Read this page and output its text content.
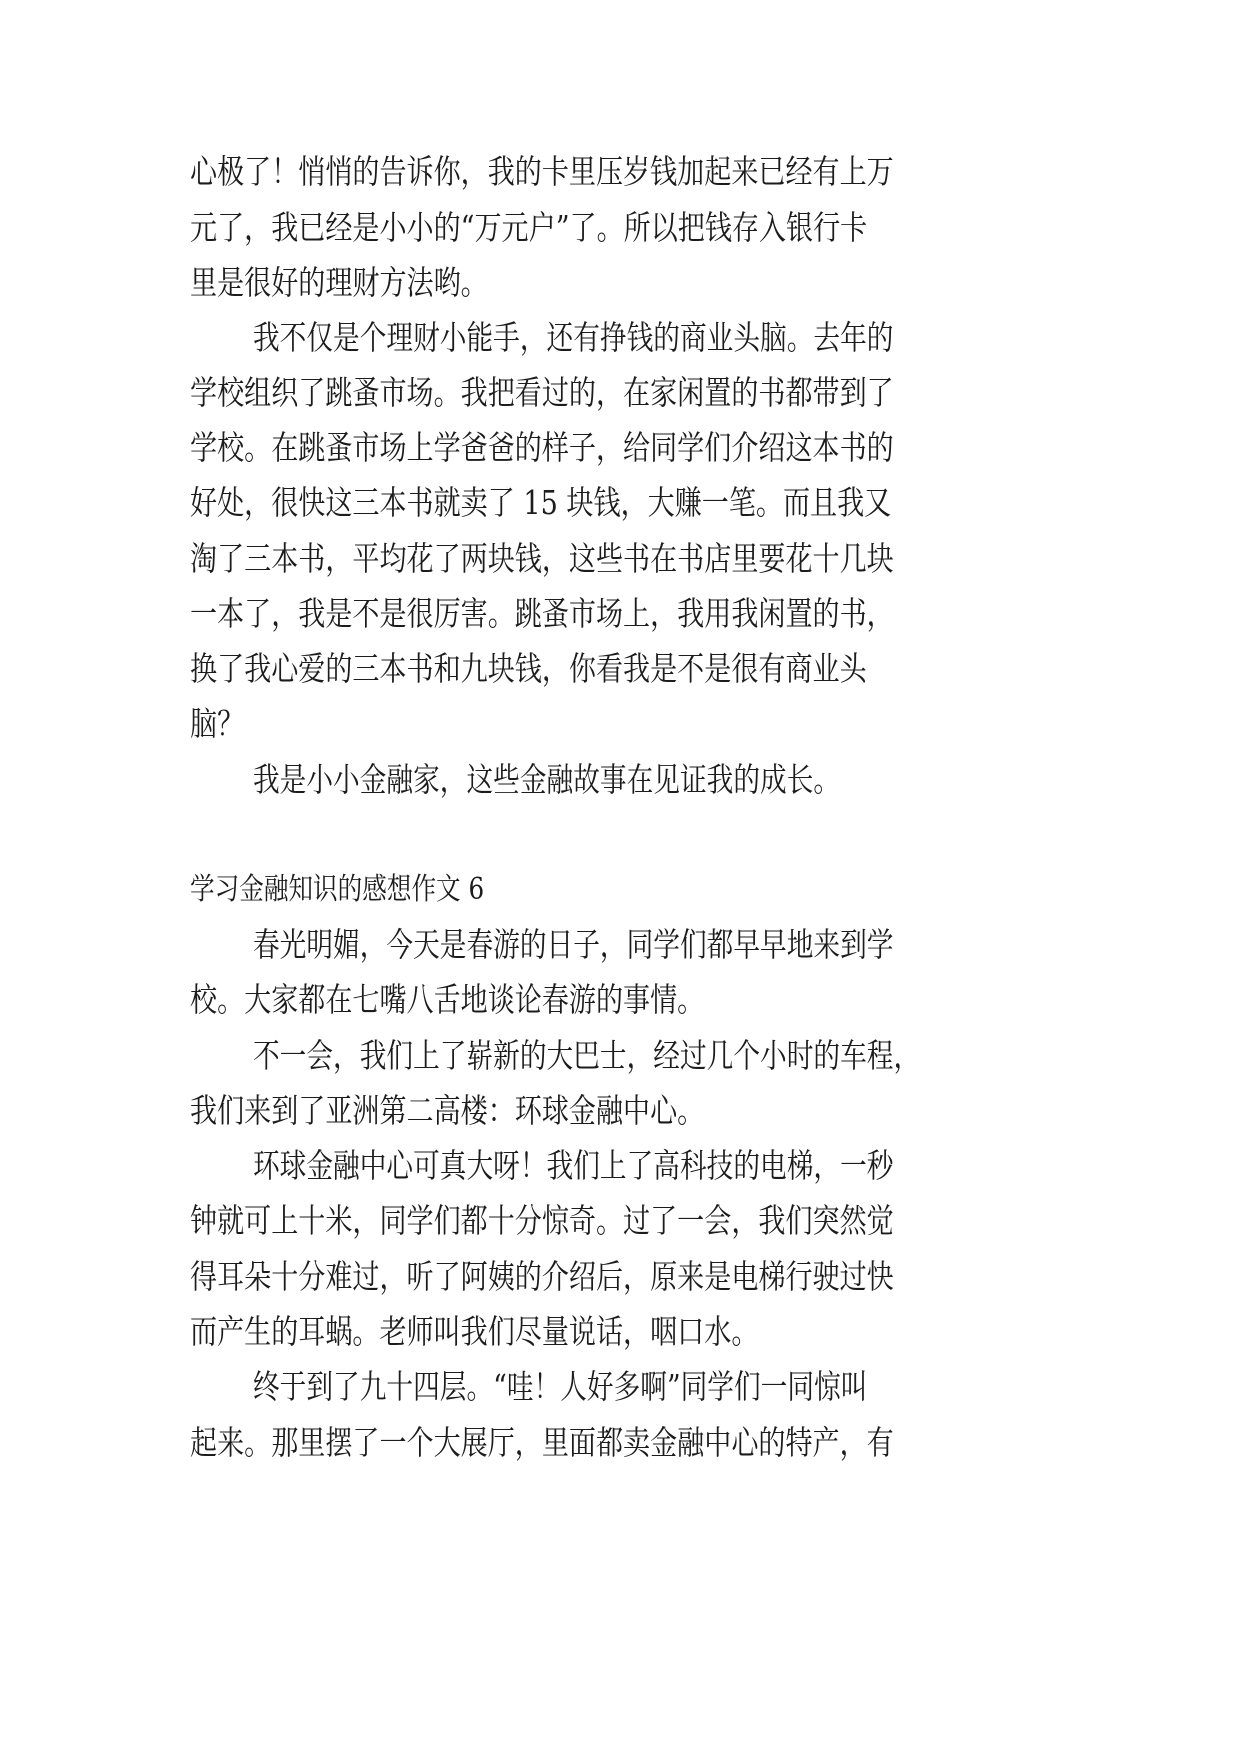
心极了！悄悄的告诉你，我的卡里压岁钱加起来已经有上万
元了，我已经是小小的“万元户”了。所以把钱存入银行卡
里是很好的理财方法哟。
我不仅是个理财小能手，还有挣钱的商业头脑。去年的
学校组织了跳蚤市场。我把看过的，在家闲置的书都带到了
学校。在跳蚤市场上学爸爸的样子，给同学们介绍这本书的
好处，很快这三本书就卖了 15 块钱，大赚一笔。而且我又
淘了三本书，平均花了两块钱，这些书在书店里要花十几块
一本了，我是不是很厉害。跳蚤市场上，我用我闲置的书，
换了我心爱的三本书和九块钱，你看我是不是很有商业头
脑？
我是小小金融家，这些金融故事在见证我的成长。
学习金融知识的感想作文 6
春光明媚，今天是春游的日子，同学们都早早地来到学
校。大家都在七嘴八舌地谈论春游的事情。
不一会，我们上了崭新的大巴士，经过几个小时的车程，
我们来到了亚洲第二高楼：环球金融中心。
环球金融中心可真大呀！我们上了高科技的电梯，一秒
钟就可上十米，同学们都十分惊奇。过了一会，我们突然觉
得耳朵十分难过，听了阿姨的介绍后，原来是电梯行驶过快
而产生的耳蜗。老师叫我们尽量说话，咽口水。
终于到了九十四层。“哇！人好多啊”同学们一同惊叫
起来。那里摆了一个大展厅，里面都卖金融中心的特产，有
